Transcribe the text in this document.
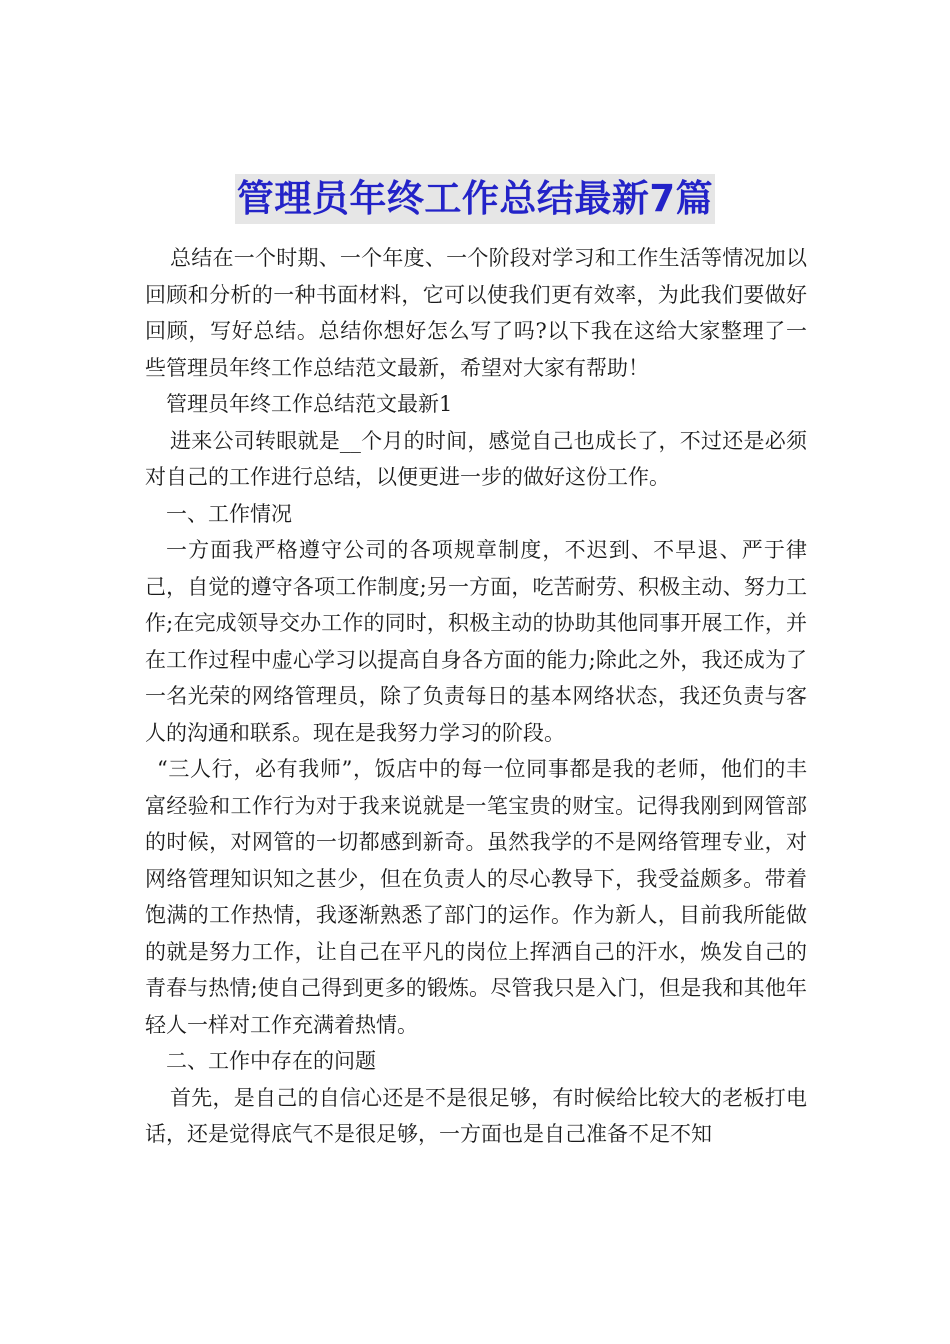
管理员年终工作总结最新7篇

总结在一个时期、一个年度、一个阶段对学习和工作生活等情况加以回顾和分析的一种书面材料，它可以使我们更有效率，为此我们要做好回顾，写好总结。总结你想好怎么写了吗?以下我在这给大家整理了一些管理员年终工作总结范文最新，希望对大家有帮助！

管理员年终工作总结范文最新1

进来公司转眼就是__个月的时间，感觉自己也成长了，不过还是必须对自己的工作进行总结，以便更进一步的做好这份工作。

一、工作情况

一方面我严格遵守公司的各项规章制度，不迟到、不早退、严于律己，自觉的遵守各项工作制度;另一方面，吃苦耐劳、积极主动、努力工作;在完成领导交办工作的同时，积极主动的协助其他同事开展工作，并在工作过程中虚心学习以提高自身各方面的能力;除此之外，我还成为了一名光荣的网络管理员，除了负责每日的基本网络状态，我还负责与客人的沟通和联系。现在是我努力学习的阶段。

“三人行，必有我师”，饭店中的每一位同事都是我的老师，他们的丰富经验和工作行为对于我来说就是一笔宝贵的财宝。记得我刚到网管部的时候，对网管的一切都感到新奇。虽然我学的不是网络管理专业，对网络管理知识知之甚少，但在负责人的尽心教导下，我受益颇多。带着饱满的工作热情，我逐渐熟悉了部门的运作。作为新人，目前我所能做的就是努力工作，让自己在平凡的岗位上挥洒自己的汗水，焕发自己的青春与热情;使自己得到更多的锻炼。尽管我只是入门，但是我和其他年轻人一样对工作充满着热情。

二、工作中存在的问题

首先，是自己的自信心还是不是很足够，有时候给比较大的老板打电话，还是觉得底气不是很足够，一方面也是自己准备不足不知
